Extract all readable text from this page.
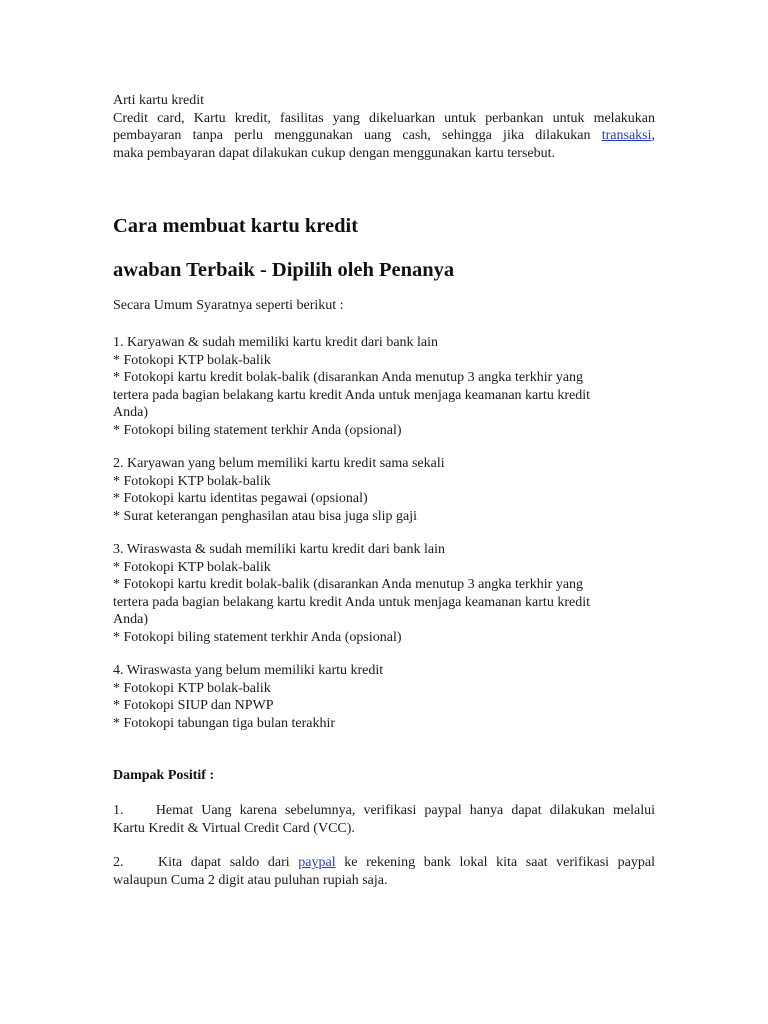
Arti kartu kredit
Credit card, Kartu kredit, fasilitas yang dikeluarkan untuk perbankan untuk melakukan
pembayaran tanpa perlu menggunakan uang cash, sehingga jika dilakukan transaksi,
maka pembayaran dapat dilakukan cukup dengan menggunakan kartu tersebut.
Cara membuat kartu kredit
awaban Terbaik - Dipilih oleh Penanya
Secara Umum Syaratnya seperti berikut :
1. Karyawan & sudah memiliki kartu kredit dari bank lain
* Fotokopi KTP bolak-balik
* Fotokopi kartu kredit bolak-balik (disarankan Anda menutup 3 angka terkhir yang
tertera pada bagian belakang kartu kredit Anda untuk menjaga keamanan kartu kredit
Anda)
* Fotokopi biling statement terkhir Anda (opsional)
2. Karyawan yang belum memiliki kartu kredit sama sekali
* Fotokopi KTP bolak-balik
* Fotokopi kartu identitas pegawai (opsional)
* Surat keterangan penghasilan atau bisa juga slip gaji
3. Wiraswasta & sudah memiliki kartu kredit dari bank lain
* Fotokopi KTP bolak-balik
* Fotokopi kartu kredit bolak-balik (disarankan Anda menutup 3 angka terkhir yang
tertera pada bagian belakang kartu kredit Anda untuk menjaga keamanan kartu kredit
Anda)
* Fotokopi biling statement terkhir Anda (opsional)
4. Wiraswasta yang belum memiliki kartu kredit
* Fotokopi KTP bolak-balik
* Fotokopi SIUP dan NPWP
* Fotokopi tabungan tiga bulan terakhir
Dampak Positif :
1.    Hemat Uang karena sebelumnya, verifikasi paypal hanya dapat dilakukan melalui
Kartu Kredit & Virtual Credit Card (VCC).
2.    Kita dapat saldo dari paypal ke rekening bank lokal kita saat verifikasi paypal
walaupun Cuma 2 digit atau puluhan rupiah saja.
